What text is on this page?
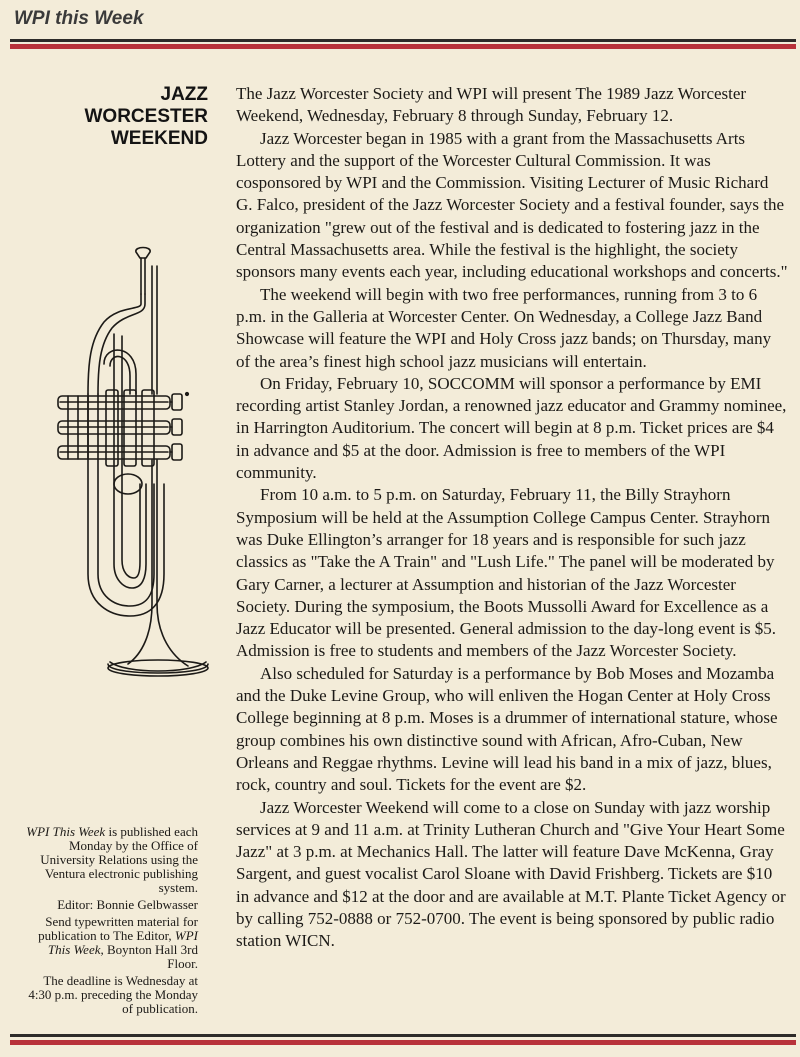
WPI this Week
JAZZ
WORCESTER
WEEKEND

WPI This Week is published each Monday by the Office of University Relations using the Ventura electronic publishing system.

Editor: Bonnie Gelbwasser

Send typewritten material for publication to The Editor, WPI This Week, Boynton Hall 3rd Floor.

The deadline is Wednesday at 4:30 p.m. preceding the Monday of publication.

The Jazz Worcester Society and WPI will present The 1989 Jazz Worcester Weekend, Wednesday, February 8 through Sunday, February 12.

Jazz Worcester began in 1985 with a grant from the Massachusetts Arts Lottery and the support of the Worcester Cultural Commission. It was cosponsored by WPI and the Commission. Visiting Lecturer of Music Richard G. Falco, president of the Jazz Worcester Society and a festival founder, says the organization "grew out of the festival and is dedicated to fostering jazz in the Central Massachusetts area. While the festival is the highlight, the society sponsors many events each year, including educational workshops and concerts."

The weekend will begin with two free performances, running from 3 to 6 p.m. in the Galleria at Worcester Center. On Wednesday, a College Jazz Band Showcase will feature the WPI and Holy Cross jazz bands; on Thursday, many of the area’s finest high school jazz musicians will entertain.

On Friday, February 10, SOCCOMM will sponsor a performance by EMI recording artist Stanley Jordan, a renowned jazz educator and Grammy nominee, in Harrington Auditorium. The concert will begin at 8 p.m. Ticket prices are $4 in advance and $5 at the door. Admission is free to members of the WPI community.

From 10 a.m. to 5 p.m. on Saturday, February 11, the Billy Strayhorn Symposium will be held at the Assumption College Campus Center. Strayhorn was Duke Ellington’s arranger for 18 years and is responsible for such jazz classics as "Take the A Train" and "Lush Life." The panel will be moderated by Gary Carner, a lecturer at Assumption and historian of the Jazz Worcester Society. During the symposium, the Boots Mussolli Award for Excellence as a Jazz Educator will be presented. General admission to the day-long event is $5. Admission is free to students and members of the Jazz Worcester Society.

Also scheduled for Saturday is a performance by Bob Moses and Mozamba and the Duke Levine Group, who will enliven the Hogan Center at Holy Cross College beginning at 8 p.m. Moses is a drummer of international stature, whose group combines his own distinctive sound with African, Afro-Cuban, New Orleans and Reggae rhythms. Levine will lead his band in a mix of jazz, blues, rock, country and soul. Tickets for the event are $2.

Jazz Worcester Weekend will come to a close on Sunday with jazz worship services at 9 and 11 a.m. at Trinity Lutheran Church and "Give Your Heart Some Jazz" at 3 p.m. at Mechanics Hall. The latter will feature Dave McKenna, Gray Sargent, and guest vocalist Carol Sloane with David Frishberg. Tickets are $10 in advance and $12 at the door and are available at M.T. Plante Ticket Agency or by calling 752-0888 or 752-0700. The event is being sponsored by public radio station WICN.
